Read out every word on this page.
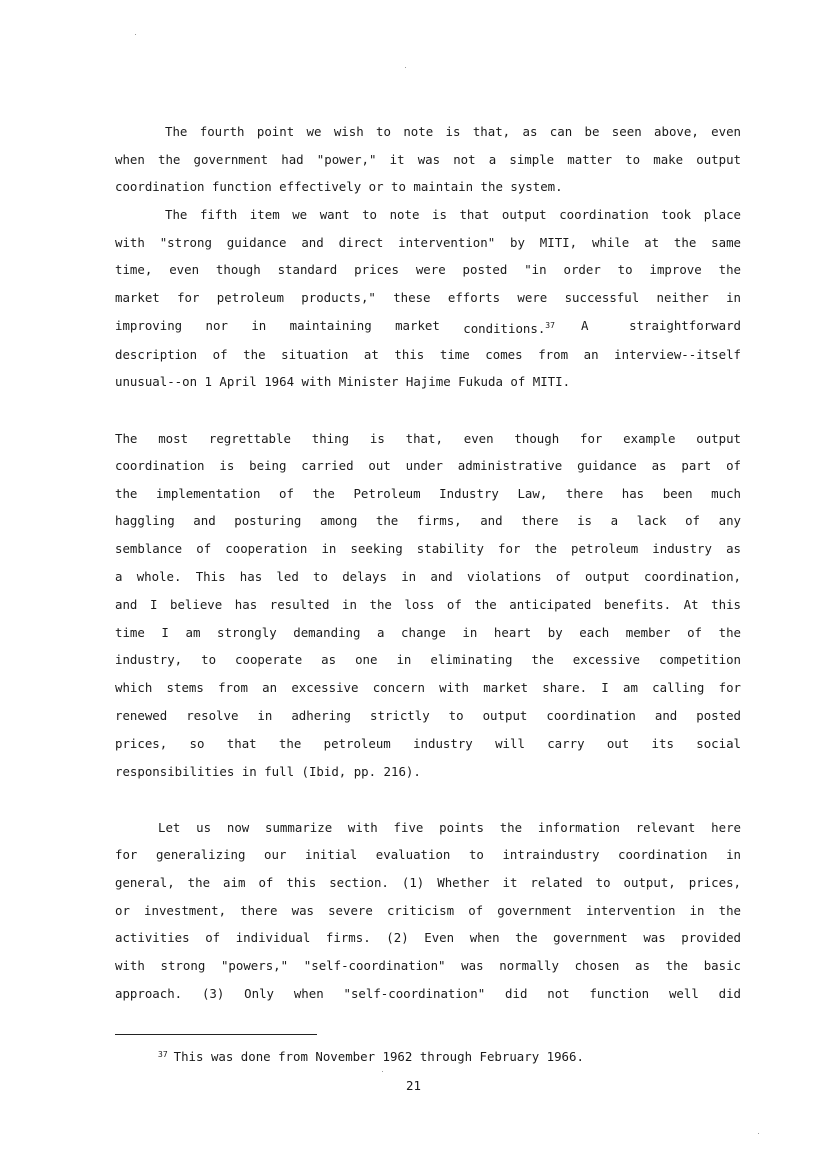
The fourth point we wish to note is that, as can be seen above, even
when the government had "power," it was not a simple matter to make output
coordination function effectively or to maintain the system.
The fifth item we want to note is that output coordination took place
with "strong guidance and direct intervention" by MITI, while at the same
time, even though standard prices were posted "in order to improve the
market for petroleum products," these efforts were successful neither in
improving nor in maintaining market conditions.$^{37}$ A straightforward
description of the situation at this time comes from an interview--itself
unusual--on 1 April 1964 with Minister Hajime Fukuda of MITI.
The most regrettable thing is that, even though for example output
coordination is being carried out under administrative guidance as part of
the implementation of the Petroleum Industry Law, there has been much
haggling and posturing among the firms, and there is a lack of any
semblance of cooperation in seeking stability for the petroleum industry as
a whole. This has led to delays in and violations of output coordination,
and I believe has resulted in the loss of the anticipated benefits. At this
time I am strongly demanding a change in heart by each member of the
industry, to cooperate as one in eliminating the excessive competition
which stems from an excessive concern with market share. I am calling for
renewed resolve in adhering strictly to output coordination and posted
prices, so that the petroleum industry will carry out its social
responsibilities in full (Ibid, pp. 216).
Let us now summarize with five points the information relevant here
for generalizing our initial evaluation to intraindustry coordination in
general, the aim of this section. (1) Whether it related to output, prices,
or investment, there was severe criticism of government intervention in the
activities of individual firms. (2) Even when the government was provided
with strong "powers," "self-coordination" was normally chosen as the basic
approach. (3) Only when "self-coordination" did not function well did
$^{37}$ This was done from November 1962 through February 1966.
21
